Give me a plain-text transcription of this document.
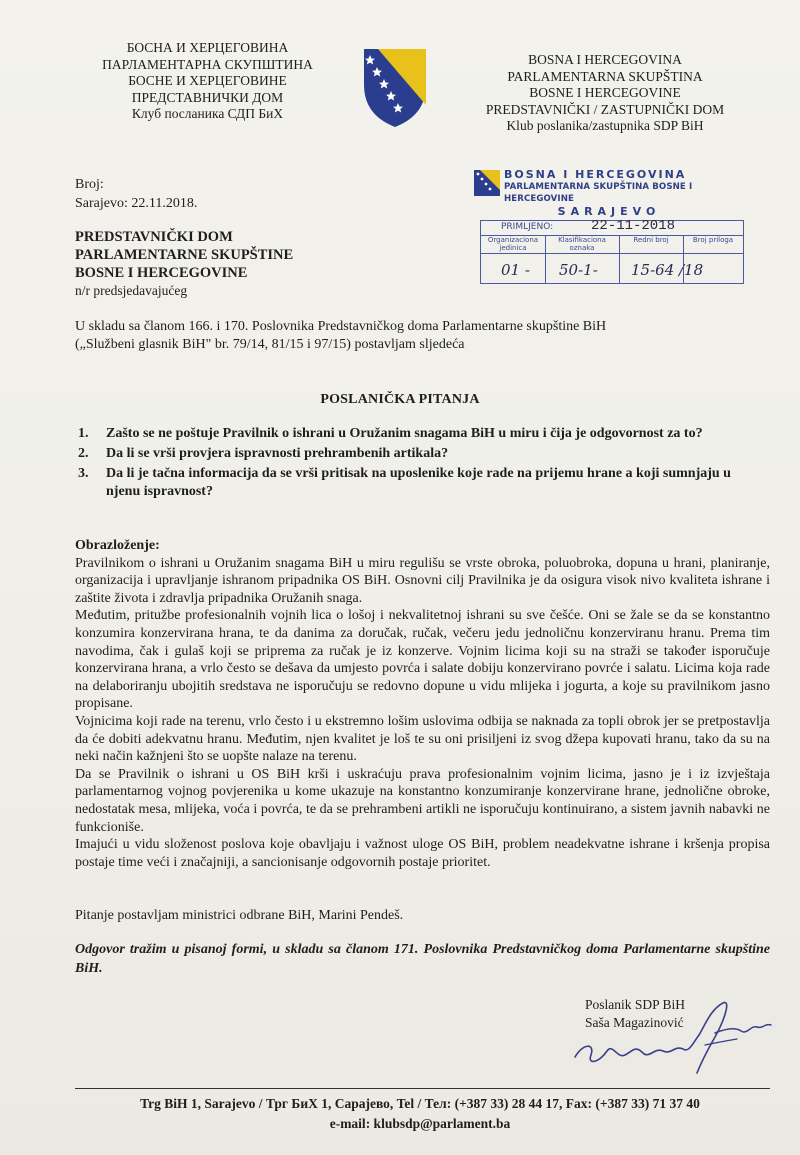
БОСНА И ХЕРЦЕГОВИНА
ПАРЛАМЕНТАРНА СКУПШТИНА
БОСНЕ И ХЕРЦЕГОВИНЕ
ПРЕДСТАВНИЧКИ ДОМ
Клуб посланика СДП БиХ
BOSNA I HERCEGOVINA
PARLAMENTARNA SKUPŠTINA
BOSNE I HERCEGOVINE
PREDSTAVNIČKI / ZASTUPNIČKI DOM
Klub poslanika/zastupnika SDP BiH
Broj:
Sarajevo: 22.11.2018.
BOSNA I HERCEGOVINA
PARLAMENTARNA SKUPŠTINA BOSNE I HERCEGOVINE
SARAJEVO
PRIMLJENO:	22-11-2018
Organizaciona jedinica
Klasifikaciona oznaka
Redni broj	Broj priloga
01 - 50-1- 15-64 /18
PREDSTAVNIČKI DOM
PARLAMENTARNE SKUPŠTINE
BOSNE I HERCEGOVINE
n/r predsjedavajućeg
U skladu sa članom 166. i 170. Poslovnika Predstavničkog doma Parlamentarne skupštine BiH
(„Službeni glasnik BiH" br. 79/14, 81/15 i 97/15) postavljam sljedeća
POSLANIČKA PITANJA
1. Zašto se ne poštuje Pravilnik o ishrani u Oružanim snagama BiH u miru i čija je odgovornost za to?
2. Da li se vrši provjera ispravnosti prehrambenih artikala?
3. Da li je tačna informacija da se vrši pritisak na uposlenike koje rade na prijemu hrane a koji sumnjaju u njenu ispravnost?

Obrazloženje:

Pravilnikom o ishrani u Oružanim snagama BiH u miru regulišu se vrste obroka, poluobroka, dopuna u hrani, planiranje, organizacija i upravljanje ishranom pripadnika OS BiH. Osnovni cilj Pravilnika je da osigura visok nivo kvaliteta ishrane i zaštite života i zdravlja pripadnika Oružanih snaga.

Međutim, pritužbe profesionalnih vojnih lica o lošoj i nekvalitetnoj ishrani su sve češće. Oni se žale se da se konstantno konzumira konzervirana hrana, te da danima za doručak, ručak, večeru jedu jednoličnu konzerviranu hranu. Prema tim navodima, čak i gulaš koji se priprema za ručak je iz konzerve. Vojnim licima koji su na straži se također isporučuje konzervirana hrana, a vrlo često se dešava da umjesto povrća i salate dobiju konzervirano povrće i salatu. Licima koja rade na delaboriranju ubojitih sredstava ne isporučuju se redovno dopune u vidu mlijeka i jogurta, a koje su pravilnikom jasno propisane.

Vojnicima koji rade na terenu, vrlo često i u ekstremno lošim uslovima odbija se naknada za topli obrok jer se pretpostavlja da će dobiti adekvatnu hranu. Međutim, njen kvalitet je loš te su oni prisiljeni iz svog džepa kupovati hranu, tako da su na neki način kažnjeni što se uopšte nalaze na terenu.

Da se Pravilnik o ishrani u OS BiH krši i uskraćuju prava profesionalnim vojnim licima, jasno je i iz izvještaja parlamentarnog vojnog povjerenika u kome ukazuje na konstantno konzumiranje konzervirane hrane, jednolične obroke, nedostatak mesa, mlijeka, voća i povrća, te da se prehrambeni artikli ne isporučuju kontinuirano, a sistem javnih nabavki ne funkcioniše.

Imajući u vidu složenost poslova koje obavljaju i važnost uloge OS BiH, problem neadekvatne ishrane i kršenja propisa postaje time veći i značajniji, a sancionisanje odgovornih postaje prioritet.

Pitanje postavljam ministrici odbrane BiH, Marini Pendeš.
Odgovor tražim u pisanoj formi, u skladu sa članom 171. Poslovnika Predstavničkog doma Parlamentarne skupštine BiH.
Poslanik SDP BiH
Saša Magazinović
Trg BiH 1, Sarajevo / Трг БиХ 1, Сарајево, Tel / Тел: (+387 33) 28 44 17, Fax: (+387 33) 71 37 40
e-mail: klubsdp@parlament.ba
